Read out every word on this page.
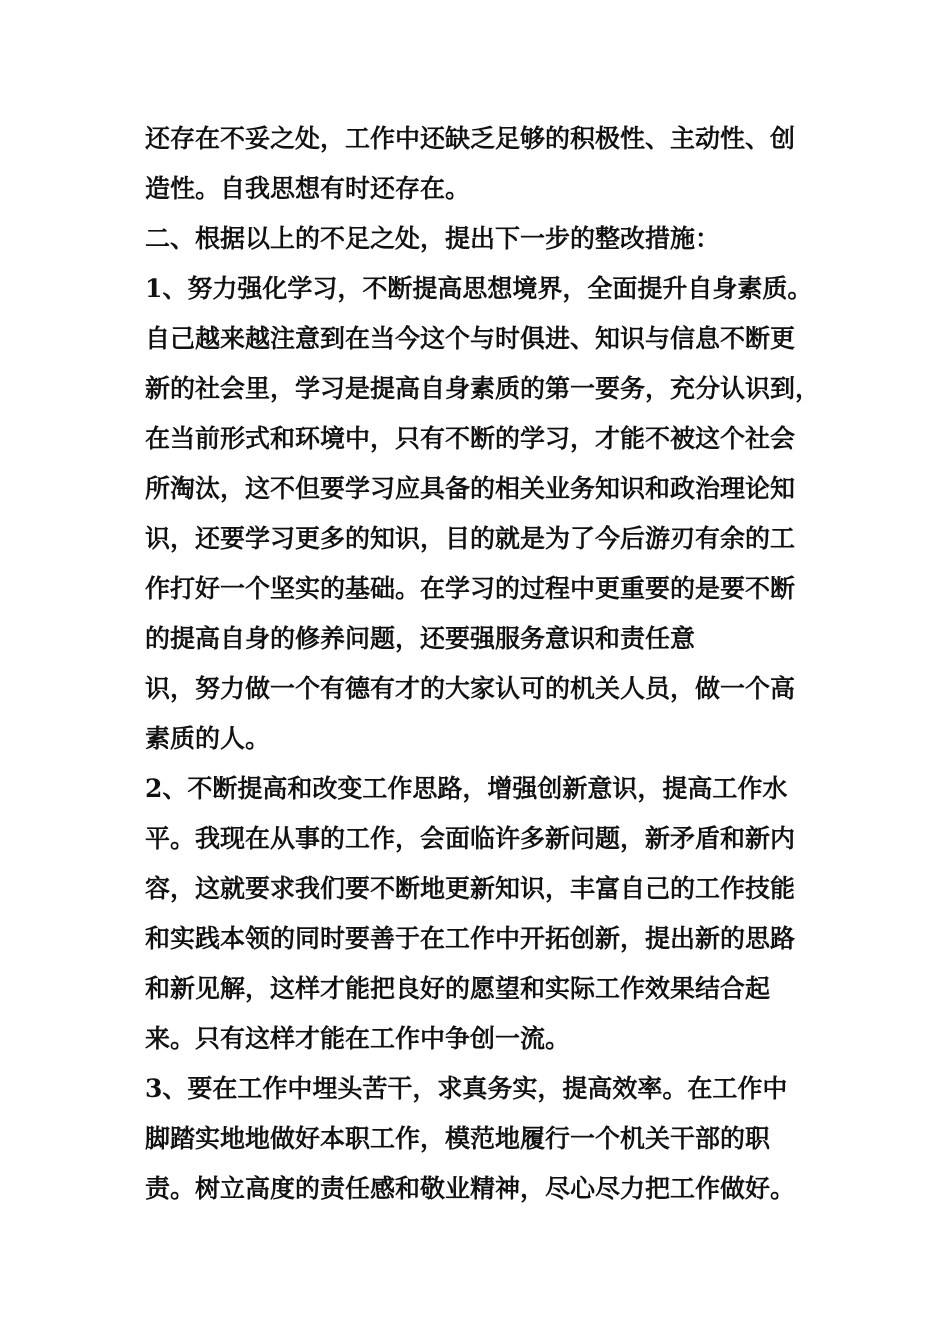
还存在不妥之处，工作中还缺乏足够的积极性、主动性、创
造性。自我思想有时还存在。
二、根据以上的不足之处，提出下一步的整改措施：
1、努力强化学习，不断提高思想境界，全面提升自身素质。
自己越来越注意到在当今这个与时俱进、知识与信息不断更
新的社会里，学习是提高自身素质的第一要务，充分认识到，
在当前形式和环境中，只有不断的学习，才能不被这个社会
所淘汰，这不但要学习应具备的相关业务知识和政治理论知
识，还要学习更多的知识，目的就是为了今后游刃有余的工
作打好一个坚实的基础。在学习的过程中更重要的是要不断
的提高自身的修养问题，还要强服务意识和责任意
识，努力做一个有德有才的大家认可的机关人员，做一个高
素质的人。
2、不断提高和改变工作思路，增强创新意识，提高工作水
平。我现在从事的工作，会面临许多新问题，新矛盾和新内
容，这就要求我们要不断地更新知识，丰富自己的工作技能
和实践本领的同时要善于在工作中开拓创新，提出新的思路
和新见解，这样才能把良好的愿望和实际工作效果结合起
来。只有这样才能在工作中争创一流。
3、要在工作中埋头苦干，求真务实，提高效率。在工作中
脚踏实地地做好本职工作，模范地履行一个机关干部的职
责。树立高度的责任感和敬业精神，尽心尽力把工作做好。
